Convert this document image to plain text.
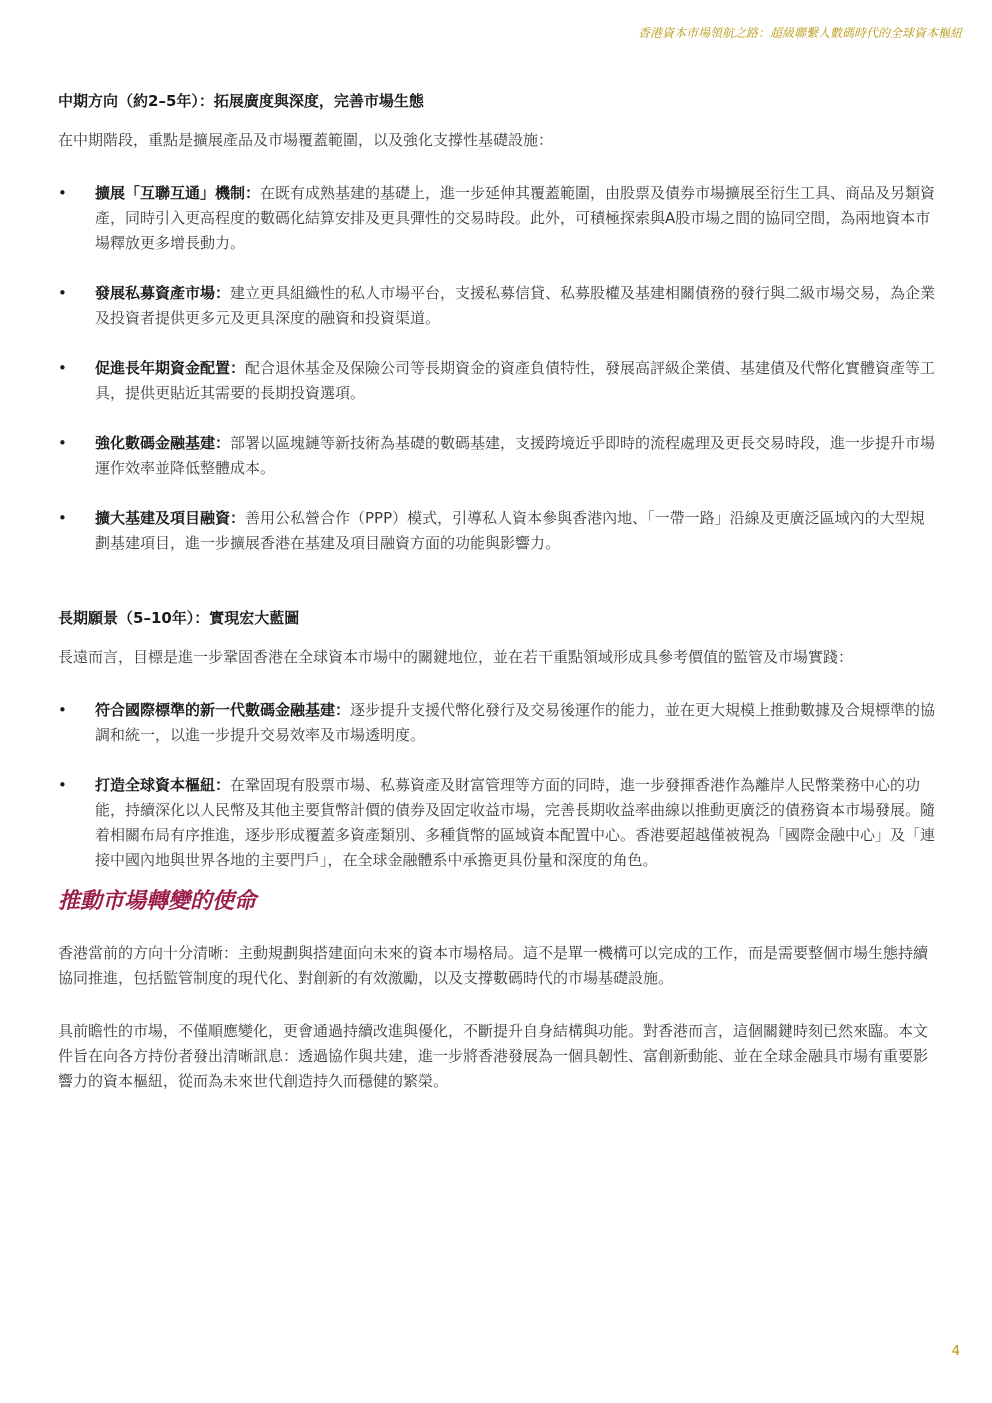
香港資本市場領航之路：超級聯繫人數碼時代的全球資本樞紐
中期方向（約2–5年）：拓展廣度與深度，完善市場生態

在中期階段，重點是擴展產品及市場覆蓋範圍，以及強化支撐性基礎設施：

• 擴展「互聯互通」機制：在既有成熟基建的基礎上，進一步延伸其覆蓋範圍，由股票及債券市場擴展至衍生工具、商品及另類資產，同時引入更高程度的數碼化結算安排及更具彈性的交易時段。此外，可積極探索與A股市場之間的協同空間，為兩地資本市場釋放更多增長動力。
• 發展私募資產市場：建立更具組織性的私人市場平台，支援私募信貸、私募股權及基建相關債務的發行與二級市場交易，為企業及投資者提供更多元及更具深度的融資和投資渠道。
• 促進長年期資金配置：配合退休基金及保險公司等長期資金的資產負債特性，發展高評級企業債、基建債及代幣化實體資產等工具，提供更貼近其需要的長期投資選項。
• 強化數碼金融基建：部署以區塊鏈等新技術為基礎的數碼基建，支援跨境近乎即時的流程處理及更長交易時段，進一步提升市場運作效率並降低整體成本。
• 擴大基建及項目融資：善用公私營合作（PPP）模式，引導私人資本參與香港內地、「一帶一路」沿線及更廣泛區域內的大型規劃基建項目，進一步擴展香港在基建及項目融資方面的功能與影響力。
長期願景（5–10年）：實現宏大藍圖

長遠而言，目標是進一步鞏固香港在全球資本市場中的關鍵地位，並在若干重點領域形成具參考價值的監管及市場實踐：

• 符合國際標準的新一代數碼金融基建：逐步提升支援代幣化發行及交易後運作的能力，並在更大規模上推動數據及合規標準的協調和統一，以進一步提升交易效率及市場透明度。
• 打造全球資本樞紐：在鞏固現有股票市場、私募資產及財富管理等方面的同時，進一步發揮香港作為離岸人民幣業務中心的功能，持續深化以人民幣及其他主要貨幣計價的債券及固定收益市場，完善長期收益率曲線以推動更廣泛的債務資本市場發展。隨着相關布局有序推進，逐步形成覆蓋多資產類別、多種貨幣的區域資本配置中心。香港要超越僅被視為「國際金融中心」及「連接中國內地與世界各地的主要門戶」，在全球金融體系中承擔更具份量和深度的角色。
推動市場轉變的使命

香港當前的方向十分清晰：主動規劃與搭建面向未來的資本市場格局。這不是單一機構可以完成的工作，而是需要整個市場生態持續協同推進，包括監管制度的現代化、對創新的有效激勵，以及支撐數碼時代的市場基礎設施。

具前瞻性的市場，不僅順應變化，更會通過持續改進與優化，不斷提升自身結構與功能。對香港而言，這個關鍵時刻已然來臨。本文件旨在向各方持份者發出清晰訊息：透過協作與共建，進一步將香港發展為一個具韌性、富創新動能、並在全球金融具市場有重要影響力的資本樞紐，從而為未來世代創造持久而穩健的繁榮。

4
